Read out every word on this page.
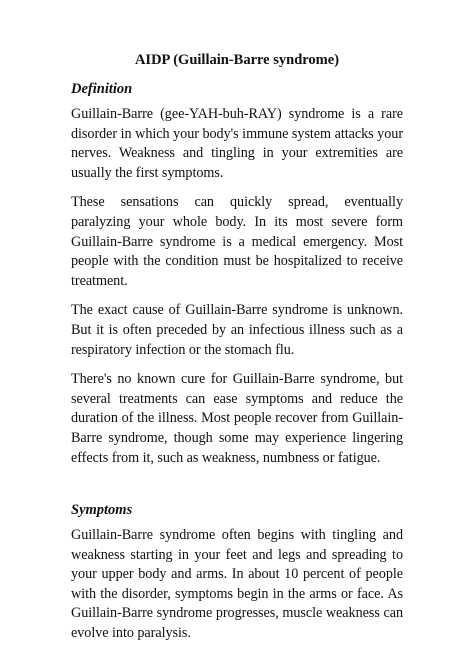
AIDP (Guillain-Barre syndrome)
Definition

Guillain-Barre (gee-YAH-buh-RAY) syndrome is a rare disorder in which your body's immune system attacks your nerves. Weakness and tingling in your extremities are usually the first symptoms.

These sensations can quickly spread, eventually paralyzing your whole body. In its most severe form Guillain-Barre syndrome is a medical emergency. Most people with the condition must be hospitalized to receive treatment.

The exact cause of Guillain-Barre syndrome is unknown. But it is often preceded by an infectious illness such as a respiratory infection or the stomach flu.

There's no known cure for Guillain-Barre syndrome, but several treatments can ease symptoms and reduce the duration of the illness. Most people recover from Guillain-Barre syndrome, though some may experience lingering effects from it, such as weakness, numbness or fatigue.

Symptoms

Guillain-Barre syndrome often begins with tingling and weakness starting in your feet and legs and spreading to your upper body and arms. In about 10 percent of people with the disorder, symptoms begin in the arms or face. As Guillain-Barre syndrome progresses, muscle weakness can evolve into paralysis.
